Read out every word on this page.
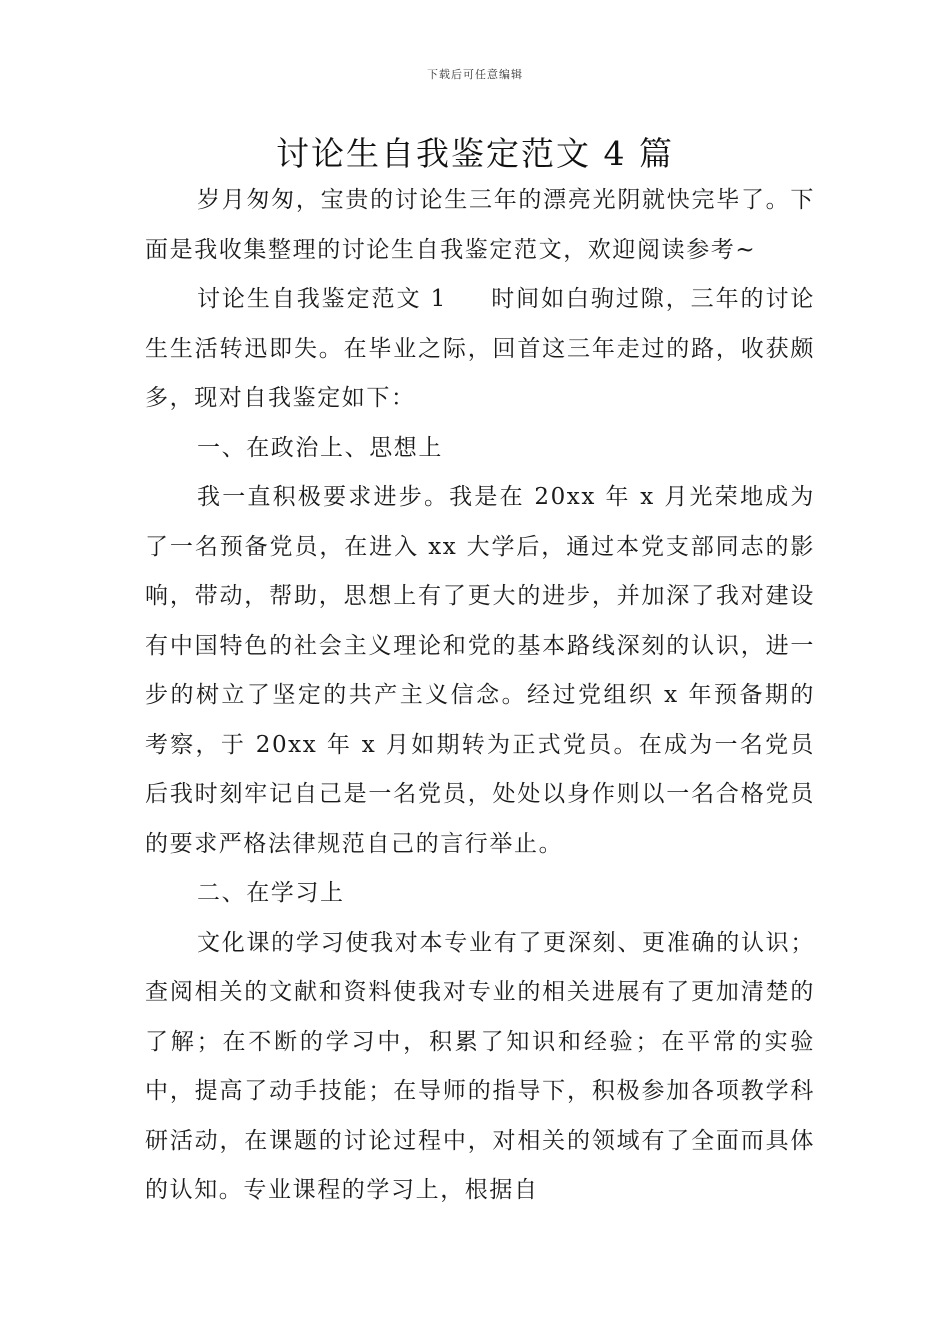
下载后可任意编辑
讨论生自我鉴定范文 4 篇

岁月匆匆，宝贵的讨论生三年的漂亮光阴就快完毕了。下面是我收集整理的讨论生自我鉴定范文，欢迎阅读参考~

讨论生自我鉴定范文 1 时间如白驹过隙，三年的讨论生生活转迅即失。在毕业之际，回首这三年走过的路，收获颇多，现对自我鉴定如下：

一、在政治上、思想上

我一直积极要求进步。我是在 20xx 年 x 月光荣地成为了一名预备党员，在进入 xx 大学后，通过本党支部同志的影响，带动，帮助，思想上有了更大的进步，并加深了我对建设有中国特色的社会主义理论和党的基本路线深刻的认识，进一步的树立了坚定的共产主义信念。经过党组织 x 年预备期的考察，于 20xx 年 x 月如期转为正式党员。在成为一名党员后我时刻牢记自己是一名党员，处处以身作则以一名合格党员的要求严格法律规范自己的言行举止。

二、在学习上

文化课的学习使我对本专业有了更深刻、更准确的认识；查阅相关的文献和资料使我对专业的相关进展有了更加清楚的了解；在不断的学习中，积累了知识和经验；在平常的实验中，提高了动手技能；在导师的指导下，积极参加各项教学科研活动，在课题的讨论过程中，对相关的领域有了全面而具体的认知。专业课程的学习上，根据自
